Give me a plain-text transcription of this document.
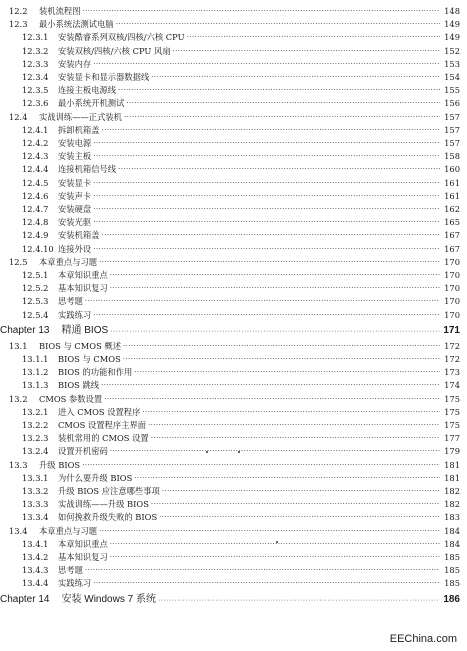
12.2	装机流程图 ·····	148
12.3	最小系统法测试电脑 ·····	149
12.3.1	安装酷睿系列双核/四核/六核 CPU ·····	149
12.3.2	安装双核/四核/六核 CPU 风扇 ·····	152
12.3.3	安装内存 ·····	153
12.3.4	安装显卡和显示器数据线 ·····	154
12.3.5	连接主板电源线 ·····	155
12.3.6	最小系统开机测试 ·····	156
12.4	实战训练——正式装机 ·····	157
12.4.1	拆卸机箱盖 ·····	157
12.4.2	安装电源 ·····	157
12.4.3	安装主板 ·····	158
12.4.4	连接机箱信号线 ·····	160
12.4.5	安装显卡 ·····	161
12.4.6	安装声卡 ·····	161
12.4.7	安装硬盘 ·····	162
12.4.8	安装光驱 ·····	165
12.4.9	安装机箱盖 ·····	167
12.4.10 连接外设 ·····	167
12.5	本章重点与习题 ·····	170
12.5.1	本章知识重点 ·····	170
12.5.2	基本知识复习 ·····	170
12.5.3	思考题 ·····	170
12.5.4	实践练习 ·····	170
Chapter 13 精通 BIOS ·····	171
13.1	BIOS 与 CMOS 概述 ·····	172
13.1.1	BIOS 与 CMOS ·····	172
13.1.2	BIOS 的功能和作用 ·····	173
13.1.3	BIOS 跳线 ·····	174
13.2	CMOS 参数设置 ·····	175
13.2.1	进入 CMOS 设置程序 ·····	175
13.2.2	CMOS 设置程序主界面 ·····	175
13.2.3	装机常用的 CMOS 设置 ·····	177
13.2.4	设置开机密码 ·····	179
13.3	升级 BIOS ·····	181
13.3.1	为什么要升级 BIOS ·····	181
13.3.2	升级 BIOS 应注意哪些事项 ·····	182
13.3.3	实战训练——升级 BIOS ·····	182
13.3.4	如何挽救升级失败的 BIOS ·····	183
13.4	本章重点与习题 ·····	184
13.4.1	本章知识重点 ·····	184
13.4.2	基本知识复习 ·····	185
13.4.3	思考题 ·····	185
13.4.4	实践练习 ·····	185
Chapter 14 安装 Windows 7 系统 ·····	186
EEChina.com
